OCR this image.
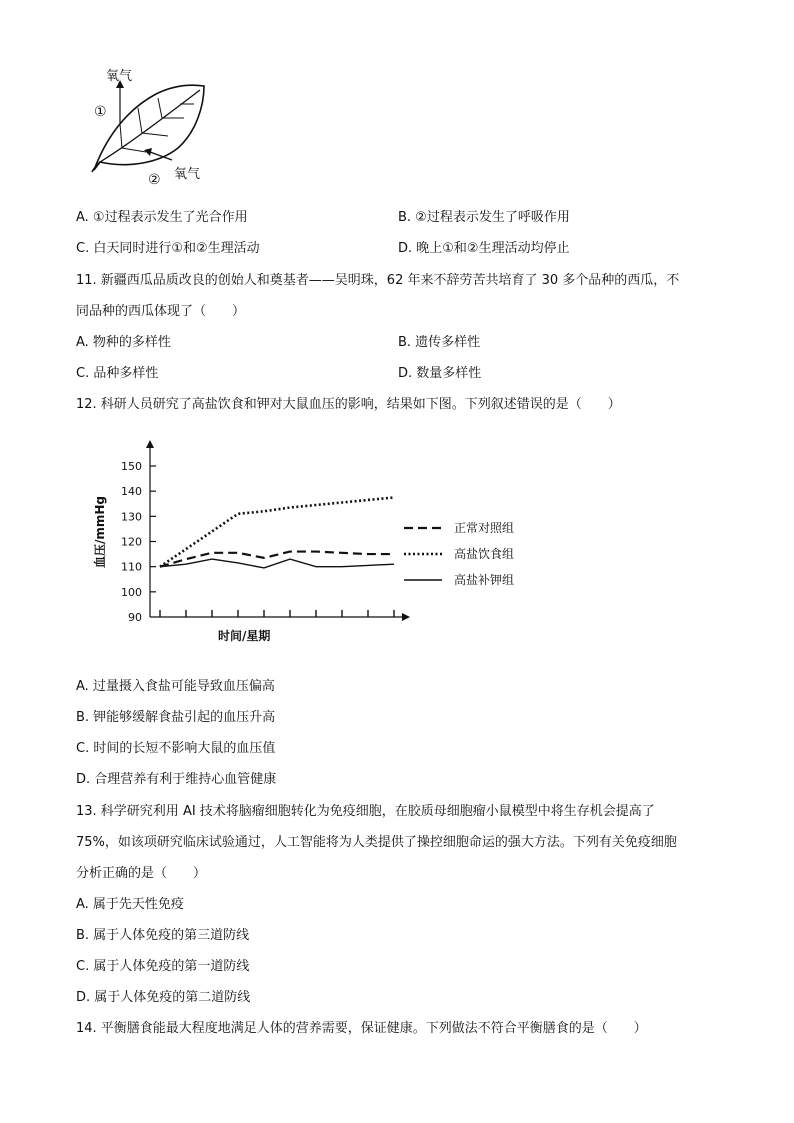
氧气
①
② 氧气
A. ①过程表示发生了光合作用	B. ②过程表示发生了呼吸作用
C. 白天同时进行①和②生理活动	D. 晚上①和②生理活动均停止
11. 新疆西瓜品质改良的创始人和奠基者——吴明珠，62 年来不辞劳苦共培育了 30 多个品种的西瓜，不
同品种的西瓜体现了（　　）
A. 物种的多样性	B. 遗传多样性
C. 品种多样性	D. 数量多样性
12. 科研人员研究了高盐饮食和钾对大鼠血压的影响，结果如下图。下列叙述错误的是（　　）
150
140
130
120
110
100
90
正常对照组
高盐饮食组
高盐补钾组
时间/星期
血压/mmHg
A. 过量摄入食盐可能导致血压偏高
B. 钾能够缓解食盐引起的血压升高
C. 时间的长短不影响大鼠的血压值
D. 合理营养有利于维持心血管健康
13. 科学研究利用 AI 技术将脑瘤细胞转化为免疫细胞，在胶质母细胞瘤小鼠模型中将生存机会提高了
75%，如该项研究临床试验通过，人工智能将为人类提供了操控细胞命运的强大方法。下列有关免疫细胞
分析正确的是（　　）
A. 属于先天性免疫
B. 属于人体免疫的第三道防线
C. 属于人体免疫的第一道防线
D. 属于人体免疫的第二道防线
14. 平衡膳食能最大程度地满足人体的营养需要，保证健康。下列做法不符合平衡膳食的是（　　）
